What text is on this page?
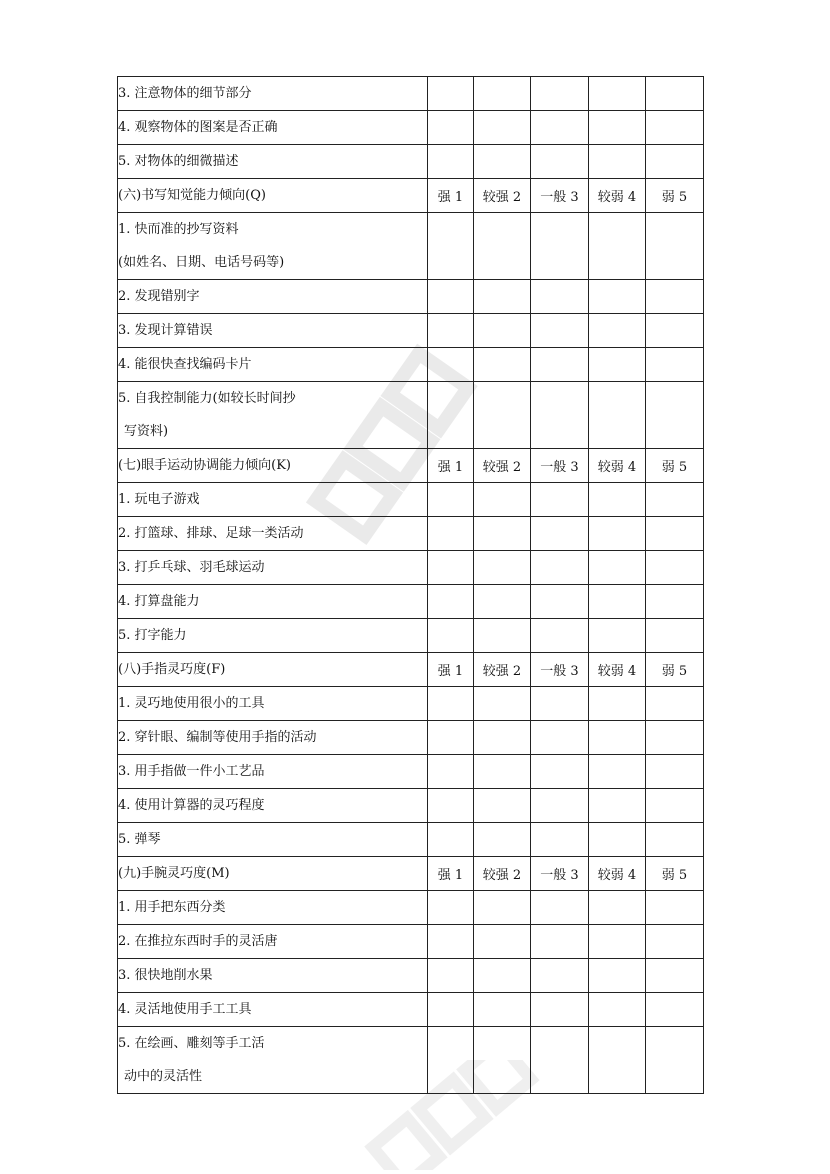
3. 注意物体的细节部分					

4. 观察物体的图案是否正确					

5. 对物体的细微描述					

(六)书写知觉能力倾向(Q)	强 1	较强 2	一般 3	较弱 4	弱 5

1. 快而准的抄写资料
(如姓名、日期、电话号码等)					

2. 发现错别字					

3. 发现计算错误					

4. 能很快查找编码卡片					

5. 自我控制能力(如较长时间抄
写资料)					

(七)眼手运动协调能力倾向(K)	强 1	较强 2	一般 3	较弱 4	弱 5

1. 玩电子游戏					

2. 打篮球、排球、足球一类活动					

3. 打乒乓球、羽毛球运动					

4. 打算盘能力					

5. 打字能力					

(八)手指灵巧度(F)	强 1	较强 2	一般 3	较弱 4	弱 5

1. 灵巧地使用很小的工具					

2. 穿针眼、编制等使用手指的活动					

3. 用手指做一件小工艺品					

4. 使用计算器的灵巧程度					

5. 弹琴					

(九)手腕灵巧度(M)	强 1	较强 2	一般 3	较弱 4	弱 5

1. 用手把东西分类					

2. 在推拉东西时手的灵活唐					

3. 很快地削水果					

4. 灵活地使用手工工具					

5. 在绘画、雕刻等手工活
动中的灵活性					
